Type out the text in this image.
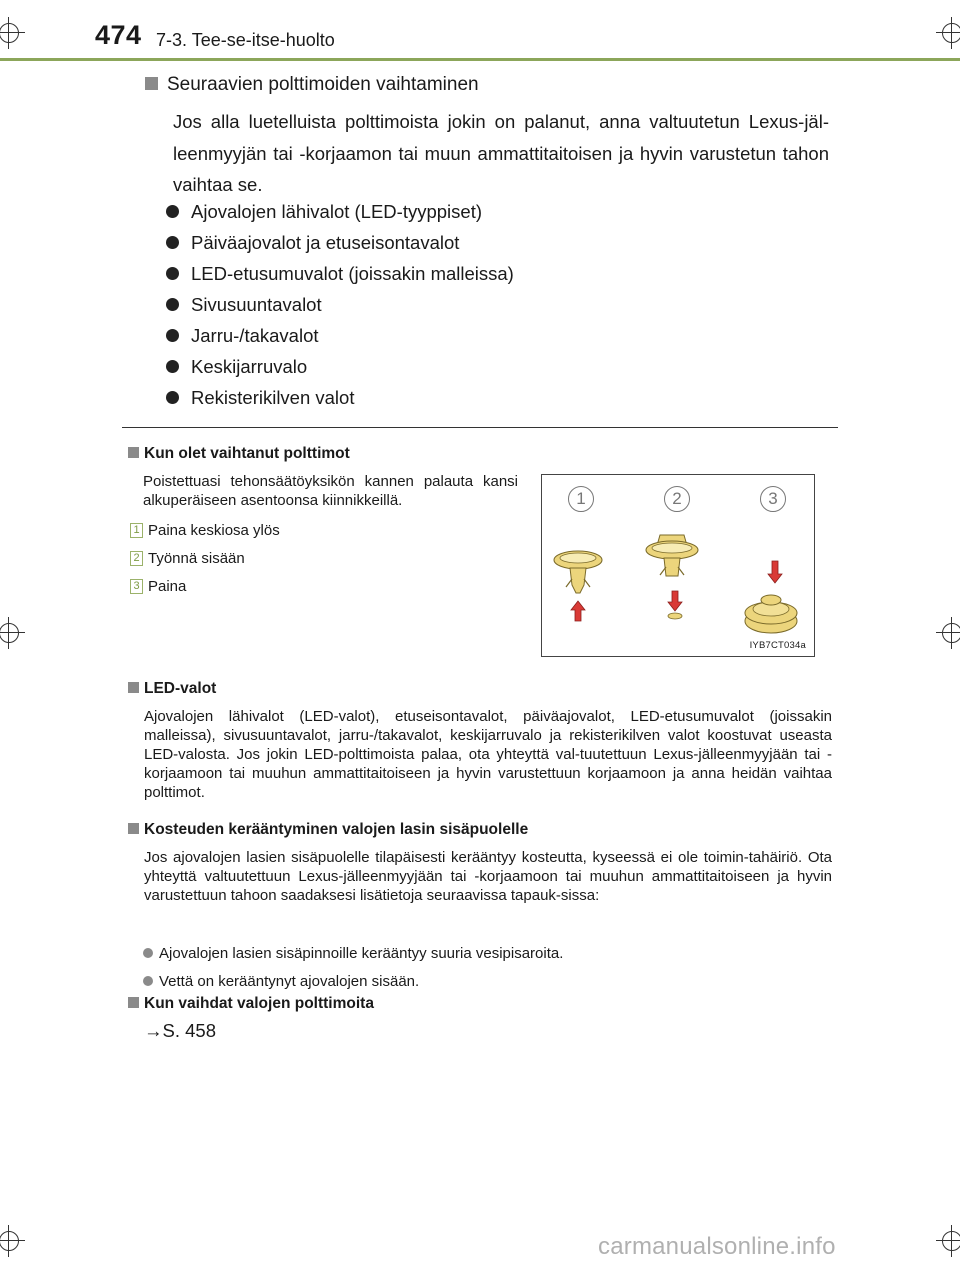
474 7-3. Tee-se-itse-huolto
Seuraavien polttimoiden vaihtaminen
Jos alla luetelluista polttimoista jokin on palanut, anna valtuutetun Lexus-jäl-leenmyyjän tai -korjaamon tai muun ammattitaitoisen ja hyvin varustetun tahon vaihtaa se.
Ajovalojen lähivalot (LED-tyyppiset)
Päiväajovalot ja etuseisontavalot
LED-etusumuvalot (joissakin malleissa)
Sivusuuntavalot
Jarru-/takavalot
Keskijarruvalo
Rekisterikilven valot
Kun olet vaihtanut polttimot
Poistettuasi tehonsäätöyksikön kannen palauta kansi alkuperäiseen asentoonsa kiinnikkeillä.
1 Paina keskiosa ylös
2 Työnnä sisään
3 Paina
1	2	3
IYB7CT034a
LED-valot
Ajovalojen lähivalot (LED-valot), etuseisontavalot, päiväajovalot, LED-etusumuvalot (joissakin malleissa), sivusuuntavalot, jarru-/takavalot, keskijarruvalo ja rekisterikilven valot koostuvat useasta LED-valosta. Jos jokin LED-polttimoista palaa, ota yhteyttä val-tuutettuun Lexus-jälleenmyyjään tai -korjaamoon tai muuhun ammattitaitoiseen ja hyvin varustettuun korjaamoon ja anna heidän vaihtaa polttimot.
Kosteuden kerääntyminen valojen lasin sisäpuolelle
Jos ajovalojen lasien sisäpuolelle tilapäisesti kerääntyy kosteutta, kyseessä ei ole toimin-tahäiriö. Ota yhteyttä valtuutettuun Lexus-jälleenmyyjään tai -korjaamoon tai muuhun ammattitaitoiseen ja hyvin varustettuun tahoon saadaksesi lisätietoja seuraavissa tapauk-sissa:
Ajovalojen lasien sisäpinnoille kerääntyy suuria vesipisaroita.
Vettä on kerääntynyt ajovalojen sisään.
Kun vaihdat valojen polttimoita
→S. 458
carmanualsonline.info
